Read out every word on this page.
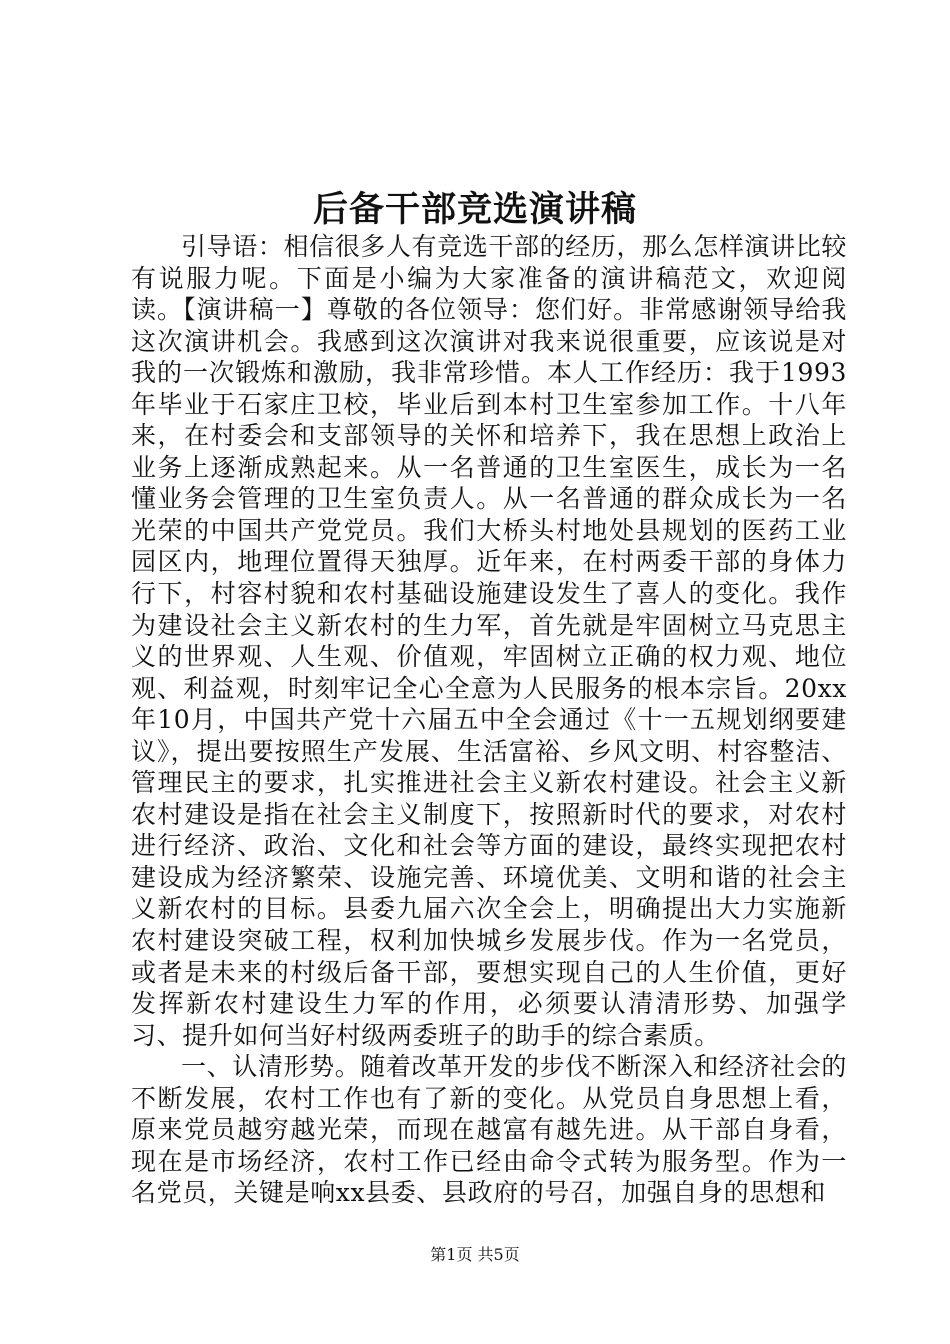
后备干部竞选演讲稿

引导语：相信很多人有竞选干部的经历，那么怎样演讲比较有说服力呢。下面是小编为大家准备的演讲稿范文，欢迎阅读。【演讲稿一】尊敬的各位领导：您们好。非常感谢领导给我这次演讲机会。我感到这次演讲对我来说很重要，应该说是对我的一次锻炼和激励，我非常珍惜。本人工作经历：我于1993年毕业于石家庄卫校，毕业后到本村卫生室参加工作。十八年来，在村委会和支部领导的关怀和培养下，我在思想上政治上业务上逐渐成熟起来。从一名普通的卫生室医生，成长为一名懂业务会管理的卫生室负责人。从一名普通的群众成长为一名光荣的中国共产党党员。我们大桥头村地处县规划的医药工业园区内，地理位置得天独厚。近年来，在村两委干部的身体力行下，村容村貌和农村基础设施建设发生了喜人的变化。我作为建设社会主义新农村的生力军，首先就是牢固树立马克思主义的世界观、人生观、价值观，牢固树立正确的权力观、地位观、利益观，时刻牢记全心全意为人民服务的根本宗旨。20xx年10月，中国共产党十六届五中全会通过《十一五规划纲要建议》，提出要按照生产发展、生活富裕、乡风文明、村容整洁、管理民主的要求，扎实推进社会主义新农村建设。社会主义新农村建设是指在社会主义制度下，按照新时代的要求，对农村进行经济、政治、文化和社会等方面的建设，最终实现把农村建设成为经济繁荣、设施完善、环境优美、文明和谐的社会主义新农村的目标。县委九届六次全会上，明确提出大力实施新农村建设突破工程，权利加快城乡发展步伐。作为一名党员，或者是未来的村级后备干部，要想实现自己的人生价值，更好发挥新农村建设生力军的作用，必须要认清清形势、加强学习、提升如何当好村级两委班子的助手的综合素质。

一、认清形势。随着改革开发的步伐不断深入和经济社会的不断发展，农村工作也有了新的变化。从党员自身思想上看，原来党员越穷越光荣，而现在越富有越先进。从干部自身看，现在是市场经济，农村工作已经由命令式转为服务型。作为一名党员，关键是响xx县委、县政府的号召，加强自身的思想和

第1页 共5页
